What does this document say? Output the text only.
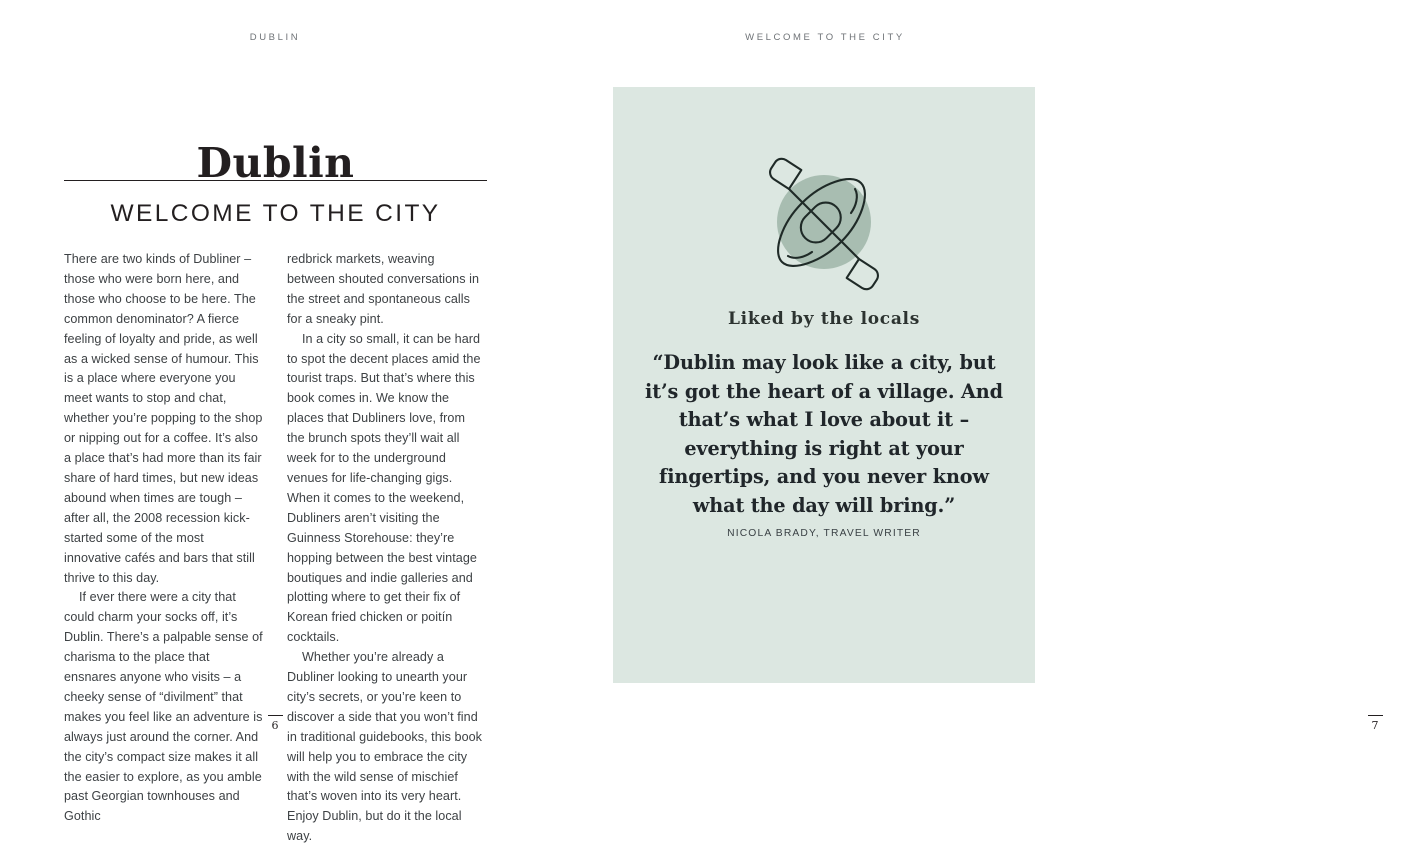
DUBLIN	WELCOME TO THE CITY
Dublin
WELCOME TO THE CITY

There are two kinds of Dubliner – those who were born here, and those who choose to be here. The common denominator? A fierce feeling of loyalty and pride, as well as a wicked sense of humour. This is a place where everyone you meet wants to stop and chat, whether you’re popping to the shop or nipping out for a coffee. It’s also a place that’s had more than its fair share of hard times, but new ideas abound when times are tough – after all, the 2008 recession kick-started some of the most innovative cafés and bars that still thrive to this day.

If ever there were a city that could charm your socks off, it’s Dublin. There’s a palpable sense of charisma to the place that ensnares anyone who visits – a cheeky sense of “divilment” that makes you feel like an adventure is always just around the corner. And the city’s compact size makes it all the easier to explore, as you amble past Georgian townhouses and Gothic

redbrick markets, weaving between shouted conversations in the street and spontaneous calls for a sneaky pint.

In a city so small, it can be hard to spot the decent places amid the tourist traps. But that’s where this book comes in. We know the places that Dubliners love, from the brunch spots they’ll wait all week for to the underground venues for life-changing gigs. When it comes to the weekend, Dubliners aren’t visiting the Guinness Storehouse: they’re hopping between the best vintage boutiques and indie galleries and plotting where to get their fix of Korean fried chicken or poitín cocktails.

Whether you’re already a Dubliner looking to unearth your city’s secrets, or you’re keen to discover a side that you won’t find in traditional guidebooks, this book will help you to embrace the city with the wild sense of mischief that’s woven into its very heart. Enjoy Dublin, but do it the local way.

6
Liked by the locals
“Dublin may look like a city, but it’s got the heart of a village. And that’s what I love about it – everything is right at your fingertips, and you never know what the day will bring.”
NICOLA BRADY, TRAVEL WRITER
7
